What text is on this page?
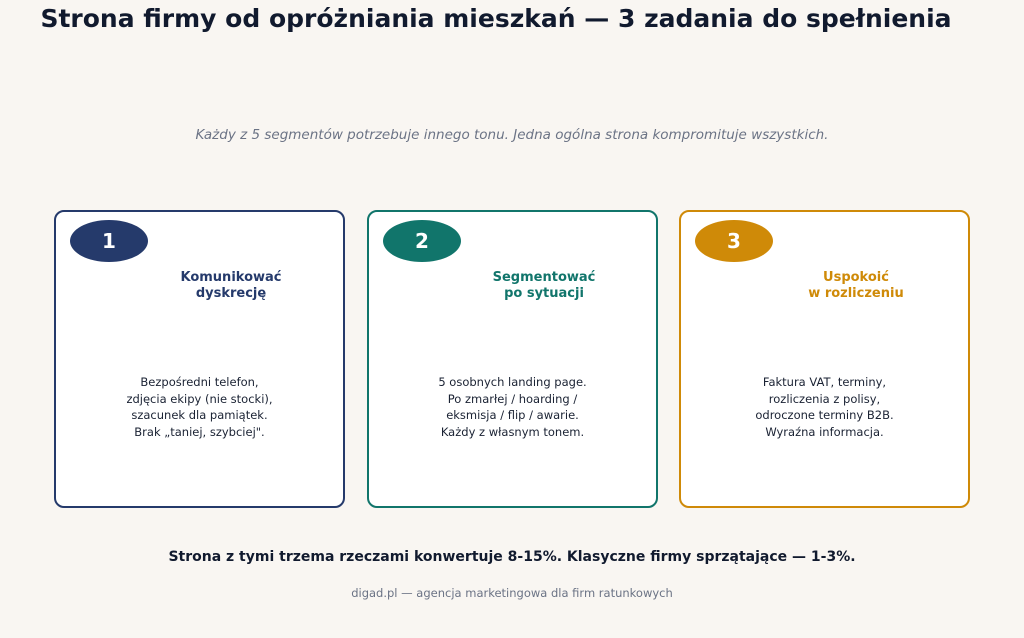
Strona firmy od opróżniania mieszkań — 3 zadania do spełnienia
Każdy z 5 segmentów potrzebuje innego tonu. Jedna ogólna strona kompromituje wszystkich.
1
Komunikować
dyskrecję
Bezpośredni telefon,
zdjęcia ekipy (nie stocki),
szacunek dla pamiątek.
Brak „taniej, szybciej".
2
Segmentować
po sytuacji
5 osobnych landing page.
Po zmarłej / hoarding /
eksmisja / flip / awarie.
Każdy z własnym tonem.
3
Uspokoić
w rozliczeniu
Faktura VAT, terminy,
rozliczenia z polisy,
odroczone terminy B2B.
Wyraźna informacja.
Strona z tymi trzema rzeczami konwertuje 8-15%. Klasyczne firmy sprzątające — 1-3%.
digad.pl — agencja marketingowa dla firm ratunkowych
